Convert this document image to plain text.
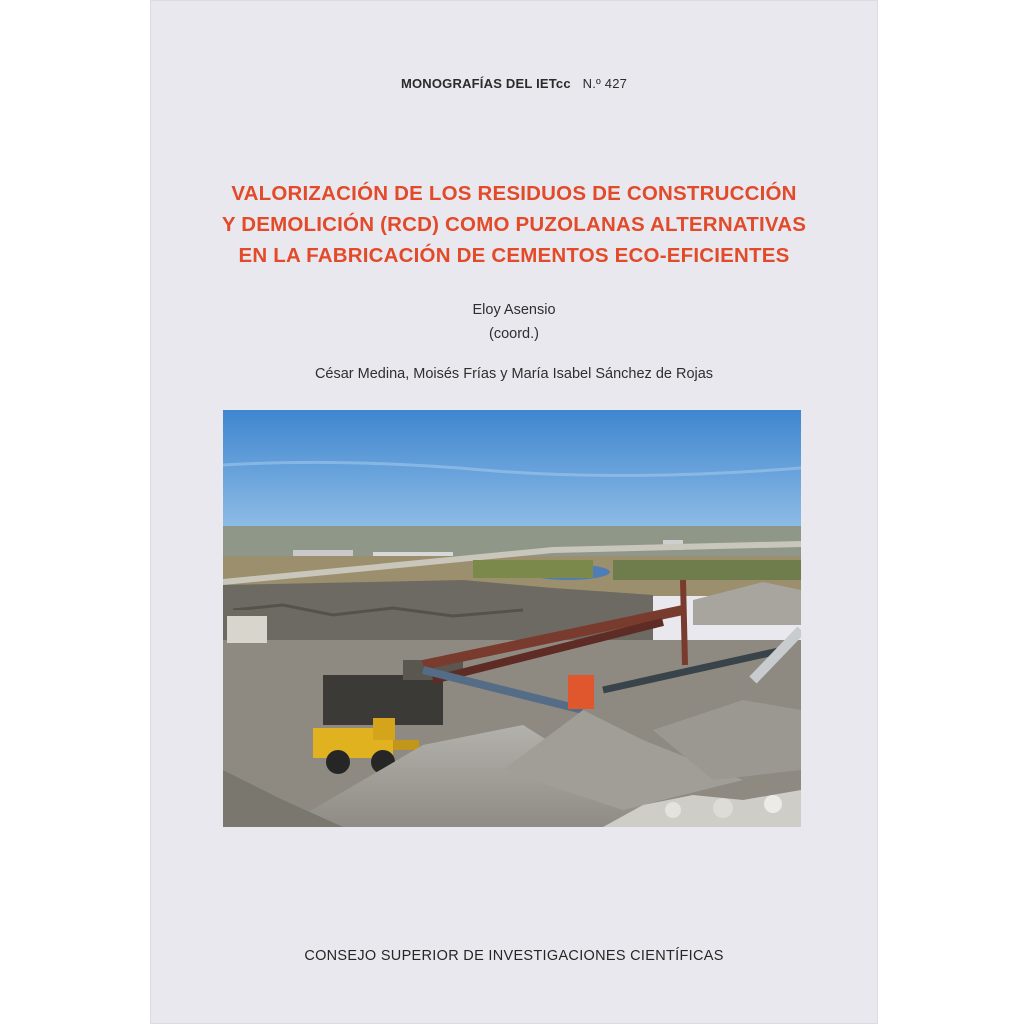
MONOGRAFÍAS DEL IETcc N.º 427
VALORIZACIÓN DE LOS RESIDUOS DE CONSTRUCCIÓN
Y DEMOLICIÓN (RCD) COMO PUZOLANAS ALTERNATIVAS
EN LA FABRICACIÓN DE CEMENTOS ECO-EFICIENTES
Eloy Asensio
(coord.)
César Medina, Moisés Frías y María Isabel Sánchez de Rojas
CONSEJO SUPERIOR DE INVESTIGACIONES CIENTÍFICAS
